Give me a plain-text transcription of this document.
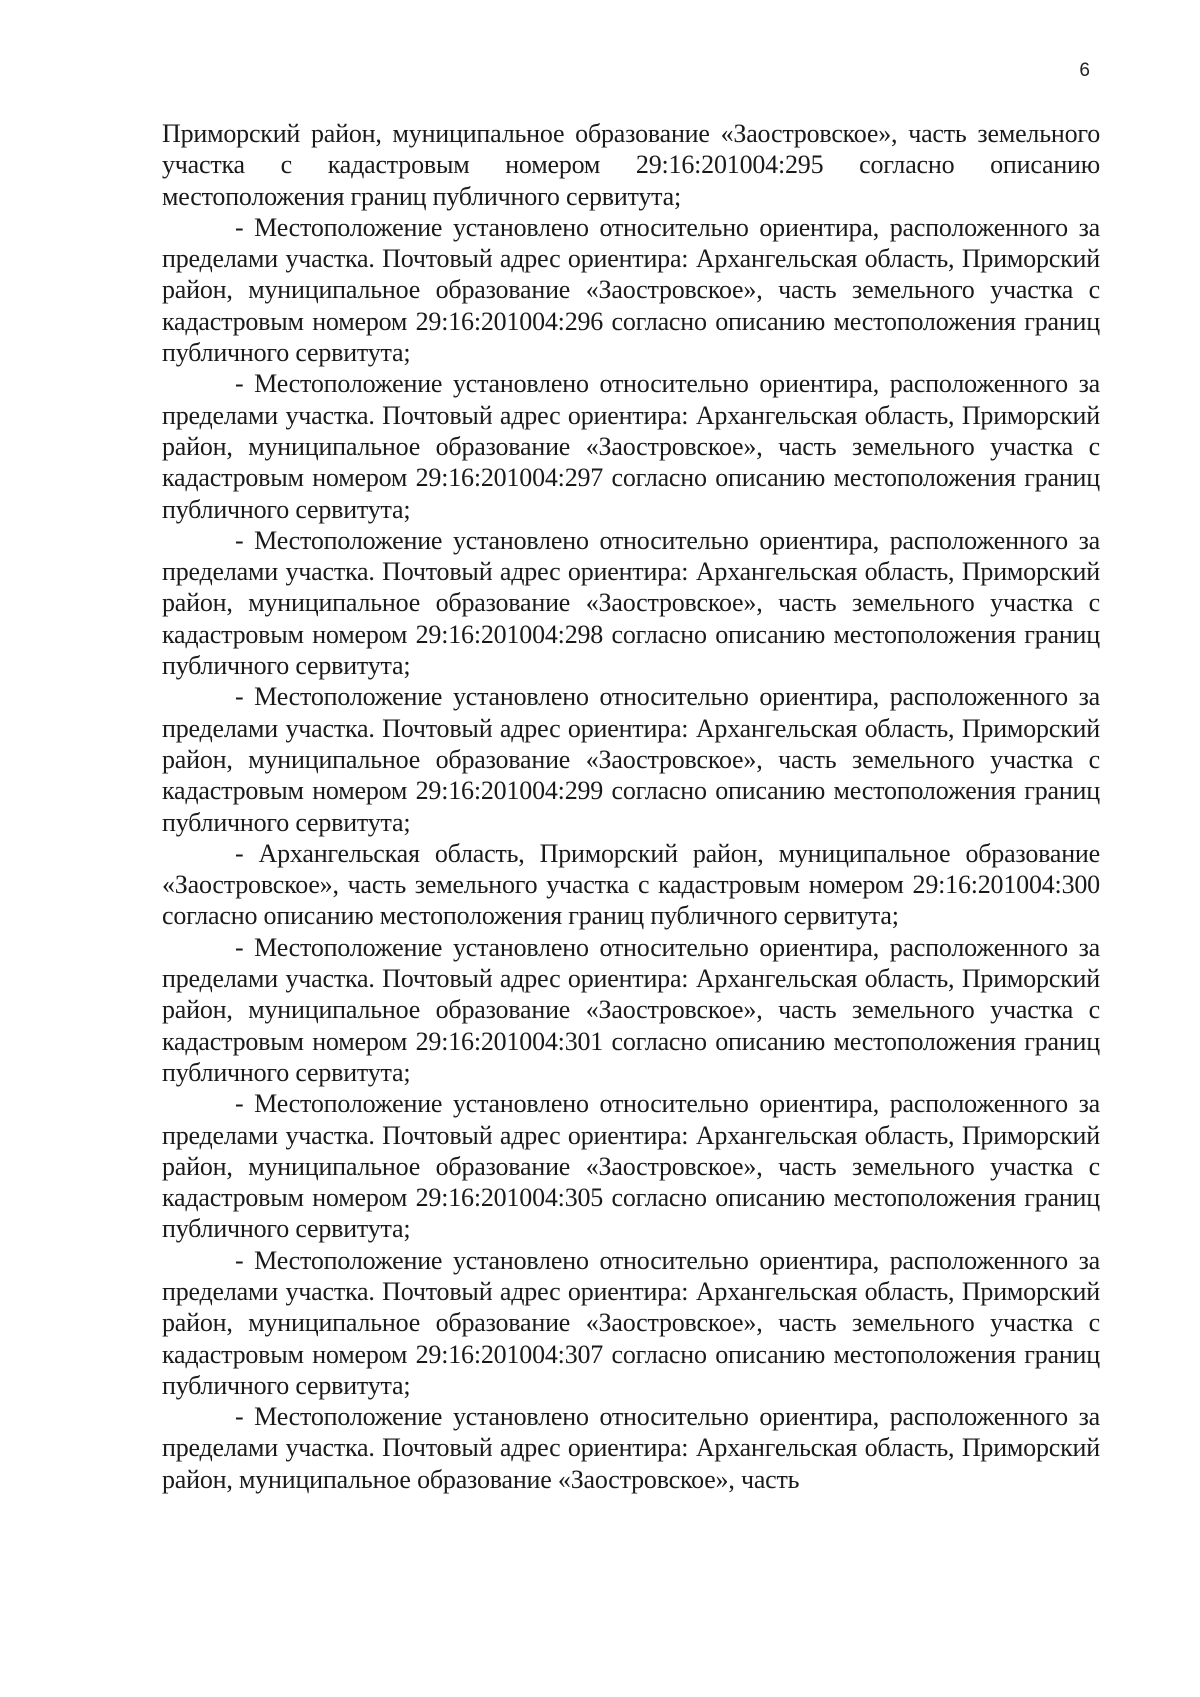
6

Приморский район, муниципальное образование «Заостровское», часть земельного участка с кадастровым номером 29:16:201004:295 согласно описанию местоположения границ публичного сервитута;

- Местоположение установлено относительно ориентира, расположенного за пределами участка. Почтовый адрес ориентира: Архангельская область, Приморский район, муниципальное образование «Заостровское», часть земельного участка с кадастровым номером 29:16:201004:296 согласно описанию местоположения границ публичного сервитута;

- Местоположение установлено относительно ориентира, расположенного за пределами участка. Почтовый адрес ориентира: Архангельская область, Приморский район, муниципальное образование «Заостровское», часть земельного участка с кадастровым номером 29:16:201004:297 согласно описанию местоположения границ публичного сервитута;

- Местоположение установлено относительно ориентира, расположенного за пределами участка. Почтовый адрес ориентира: Архангельская область, Приморский район, муниципальное образование «Заостровское», часть земельного участка с кадастровым номером 29:16:201004:298 согласно описанию местоположения границ публичного сервитута;

- Местоположение установлено относительно ориентира, расположенного за пределами участка. Почтовый адрес ориентира: Архангельская область, Приморский район, муниципальное образование «Заостровское», часть земельного участка с кадастровым номером 29:16:201004:299 согласно описанию местоположения границ публичного сервитута;

- Архангельская область, Приморский район, муниципальное образование «Заостровское», часть земельного участка с кадастровым номером 29:16:201004:300 согласно описанию местоположения границ публичного сервитута;

- Местоположение установлено относительно ориентира, расположенного за пределами участка. Почтовый адрес ориентира: Архангельская область, Приморский район, муниципальное образование «Заостровское», часть земельного участка с кадастровым номером 29:16:201004:301 согласно описанию местоположения границ публичного сервитута;

- Местоположение установлено относительно ориентира, расположенного за пределами участка. Почтовый адрес ориентира: Архангельская область, Приморский район, муниципальное образование «Заостровское», часть земельного участка с кадастровым номером 29:16:201004:305 согласно описанию местоположения границ публичного сервитута;

- Местоположение установлено относительно ориентира, расположенного за пределами участка. Почтовый адрес ориентира: Архангельская область, Приморский район, муниципальное образование «Заостровское», часть земельного участка с кадастровым номером 29:16:201004:307 согласно описанию местоположения границ публичного сервитута;

- Местоположение установлено относительно ориентира, расположенного за пределами участка. Почтовый адрес ориентира: Архангельская область, Приморский район, муниципальное образование «Заостровское», часть
